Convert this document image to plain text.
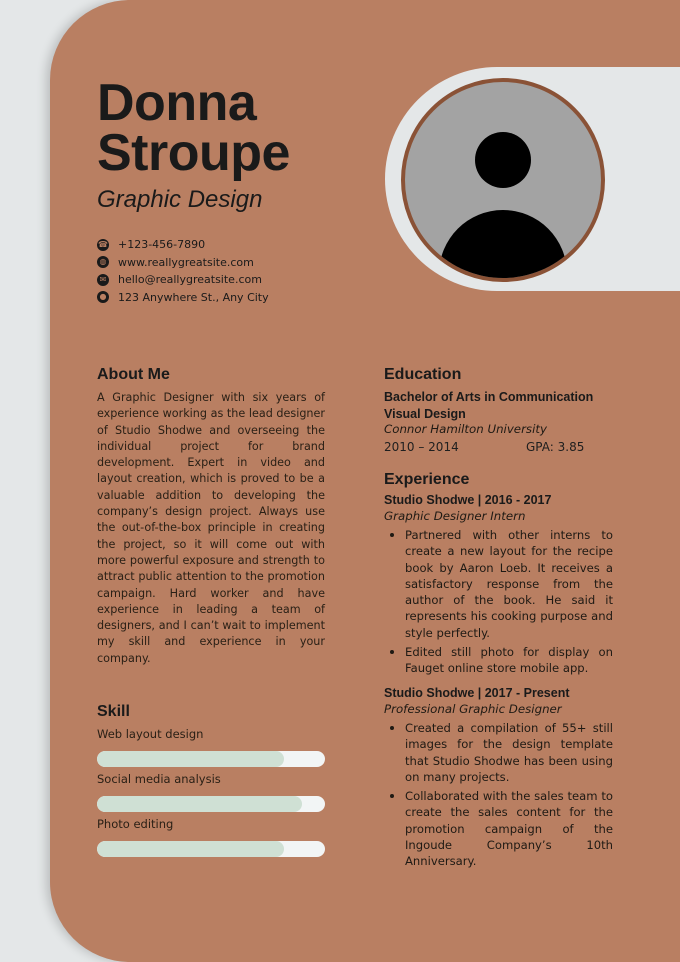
Donna
Stroupe
Graphic Design
☎ +123-456-7890
◍ www.reallygreatsite.com
✉ hello@reallygreatsite.com
● 123 Anywhere St., Any City
About Me
A Graphic Designer with six years of experience working as the lead designer of Studio Shodwe and overseeing the individual project for brand development. Expert in video and layout creation, which is proved to be a valuable addition to developing the company’s design project. Always use the out-of-the-box principle in creating the project, so it will come out with more powerful exposure and strength to attract public attention to the promotion campaign. Hard worker and have experience in leading a team of designers, and I can’t wait to implement my skill and experience in your company.
Skill
Web layout design
Social media analysis
Photo editing
Education
Bachelor of Arts in Communication Visual Design
Connor Hamilton University
2010 – 2014	GPA: 3.85
Experience
Studio Shodwe | 2016 - 2017
Graphic Designer Intern
Partnered with other interns to create a new layout for the recipe book by Aaron Loeb. It receives a satisfactory response from the author of the book. He said it represents his cooking purpose and style perfectly.
Edited still photo for display on Fauget online store mobile app.
Studio Shodwe | 2017 - Present
Professional Graphic Designer
Created a compilation of 55+ still images for the design template that Studio Shodwe has been using on many projects.
Collaborated with the sales team to create the sales content for the promotion campaign of the Ingoude Company’s 10th Anniversary.
